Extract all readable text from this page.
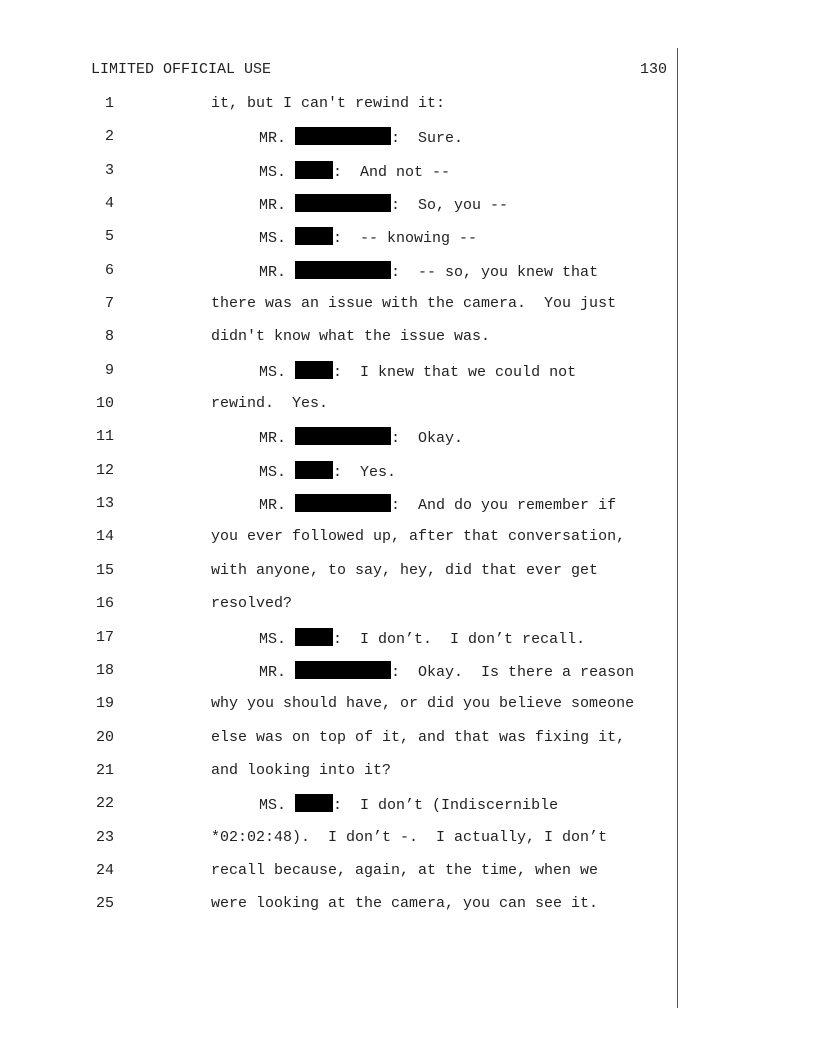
LIMITED OFFICIAL USE	130
1	it, but I can't rewind it:
2	MR.	:  Sure.
3	MS.	:  And not --
4	MR.	:  So, you --
5	MS.	:  -- knowing --
6	MR.	:  -- so, you knew that
7	there was an issue with the camera.  You just
8	didn't know what the issue was.
9	MS.	:  I knew that we could not
10	rewind.  Yes.
11	MR.	:  Okay.
12	MS.	:  Yes.
13	MR.	:  And do you remember if
14	you ever followed up, after that conversation,
15	with anyone, to say, hey, did that ever get
16	resolved?
17	MS.	:  I don’t.  I don’t recall.
18	MR.	:  Okay.  Is there a reason
19	why you should have, or did you believe someone
20	else was on top of it, and that was fixing it,
21	and looking into it?
22	MS.	:  I don’t (Indiscernible
23	*02:02:48).  I don’t -.  I actually, I don’t
24	recall because, again, at the time, when we
25	were looking at the camera, you can see it.
